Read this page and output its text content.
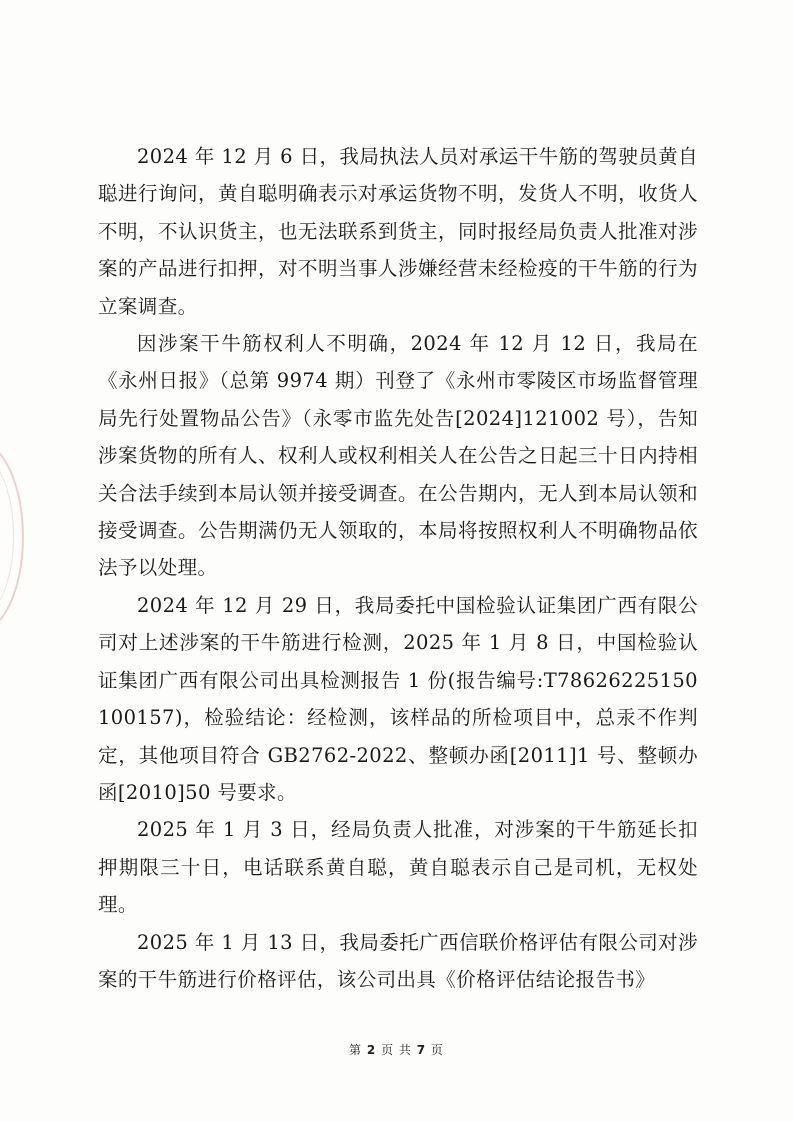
2024 年 12 月 6 日，我局执法人员对承运干牛筋的驾驶员黄自聪进行询问，黄自聪明确表示对承运货物不明，发货人不明，收货人不明，不认识货主，也无法联系到货主，同时报经局负责人批准对涉案的产品进行扣押，对不明当事人涉嫌经营未经检疫的干牛筋的行为立案调查。

因涉案干牛筋权利人不明确，2024 年 12 月 12 日，我局在《永州日报》（总第 9974 期）刊登了《永州市零陵区市场监督管理局先行处置物品公告》（永零市监先处告[2024]121002 号），告知涉案货物的所有人、权利人或权利相关人在公告之日起三十日内持相关合法手续到本局认领并接受调查。在公告期内，无人到本局认领和接受调查。公告期满仍无人领取的，本局将按照权利人不明确物品依法予以处理。

2024 年 12 月 29 日，我局委托中国检验认证集团广西有限公司对上述涉案的干牛筋进行检测，2025 年 1 月 8 日，中国检验认证集团广西有限公司出具检测报告 1 份(报告编号:T78626225150100157)，检验结论：经检测，该样品的所检项目中，总汞不作判定，其他项目符合 GB2762-2022、整顿办函[2011]1 号、整顿办函[2010]50 号要求。

2025 年 1 月 3 日，经局负责人批准，对涉案的干牛筋延长扣押期限三十日，电话联系黄自聪，黄自聪表示自己是司机，无权处理。

2025 年 1 月 13 日，我局委托广西信联价格评估有限公司对涉案的干牛筋进行价格评估，该公司出具《价格评估结论报告书》

第 2 页 共 7 页
